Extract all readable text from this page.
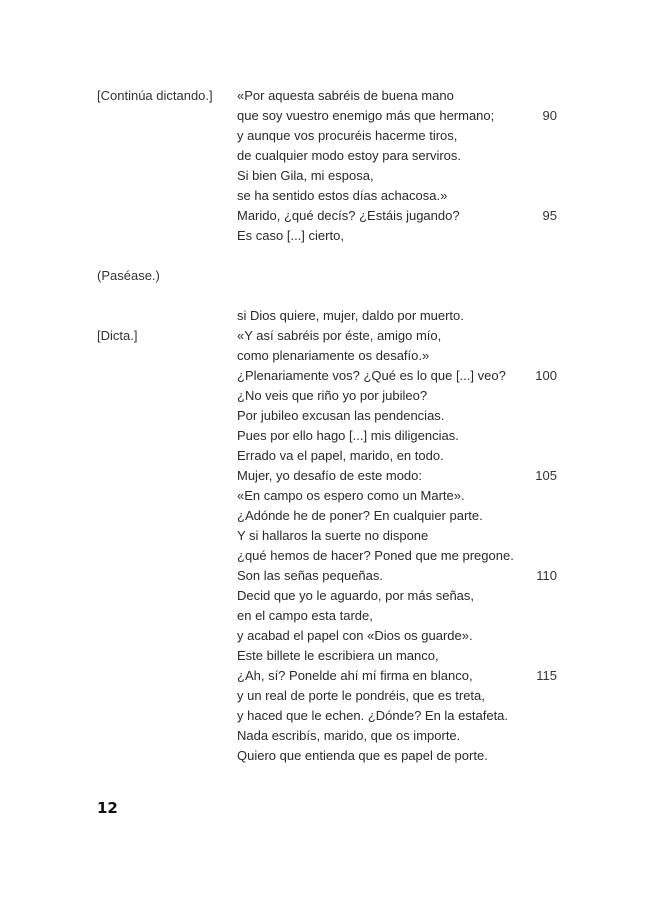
[Continúa dictando.] «Por aquesta sabréis de buena mano
que soy vuestro enemigo más que hermano;	90
y aunque vos procuréis hacerme tiros,
de cualquier modo estoy para serviros.
Si bien Gila, mi esposa,
se ha sentido estos días achacosa.»
Marido, ¿qué decís? ¿Estáis jugando?	95
Es caso [...] cierto,
(Paséase.)
si Dios quiere, mujer, daldo por muerto.
[Dicta.]	«Y así sabréis por éste, amigo mío,
como plenariamente os desafío.»
¿Plenariamente vos? ¿Qué es lo que [...] veo? 100
¿No veis que riño yo por jubileo?
Por jubileo excusan las pendencias.
Pues por ello hago [...] mis diligencias.
Errado va el papel, marido, en todo.
Mujer, yo desafío de este modo:	105
«En campo os espero como un Marte».
¿Adónde he de poner? En cualquier parte.
Y si hallaros la suerte no dispone
¿qué hemos de hacer? Poned que me pregone.
Son las señas pequeñas.	110
Decid que yo le aguardo, por más señas,
en el campo esta tarde,
y acabad el papel con «Dios os guarde».
Este billete le escribiera un manco,
¿Ah, sí? Ponelde ahí mí firma en blanco,	115
y un real de porte le pondréis, que es treta,
y haced que le echen. ¿Dónde? En la estafeta.
Nada escribís, marido, que os importe.
Quiero que entienda que es papel de porte.
12
